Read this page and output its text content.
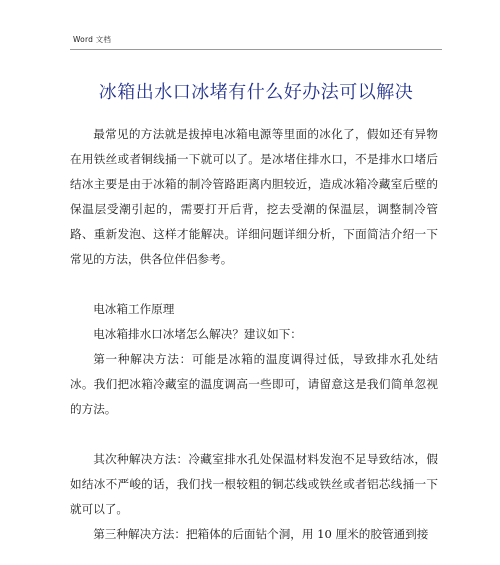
Word 文档
冰箱出水口冰堵有什么好办法可以解决

最常见的方法就是拔掉电冰箱电源等里面的冰化了，假如还有异物在用铁丝或者铜线捅一下就可以了。是冰堵住排水口，不是排水口堵后结冰主要是由于冰箱的制冷管路距离内胆较近，造成冰箱冷藏室后壁的保温层受潮引起的，需要打开后背，挖去受潮的保温层，调整制冷管路、重新发泡、这样才能解决。详细问题详细分析，下面简洁介绍一下常见的方法，供各位伴侣参考。

电冰箱工作原理

电冰箱排水口冰堵怎么解决？建议如下：

第一种解决方法：可能是冰箱的温度调得过低，导致排水孔处结冰。我们把冰箱冷藏室的温度调高一些即可，请留意这是我们简单忽视的方法。

其次种解决方法：冷藏室排水孔处保温材料发泡不足导致结冰，假如结冰不严峻的话，我们找一根较粗的铜芯线或铁丝或者铝芯线捅一下就可以了。

第三种解决方法：把箱体的后面钻个洞，用 10 厘米的胶管通到接
